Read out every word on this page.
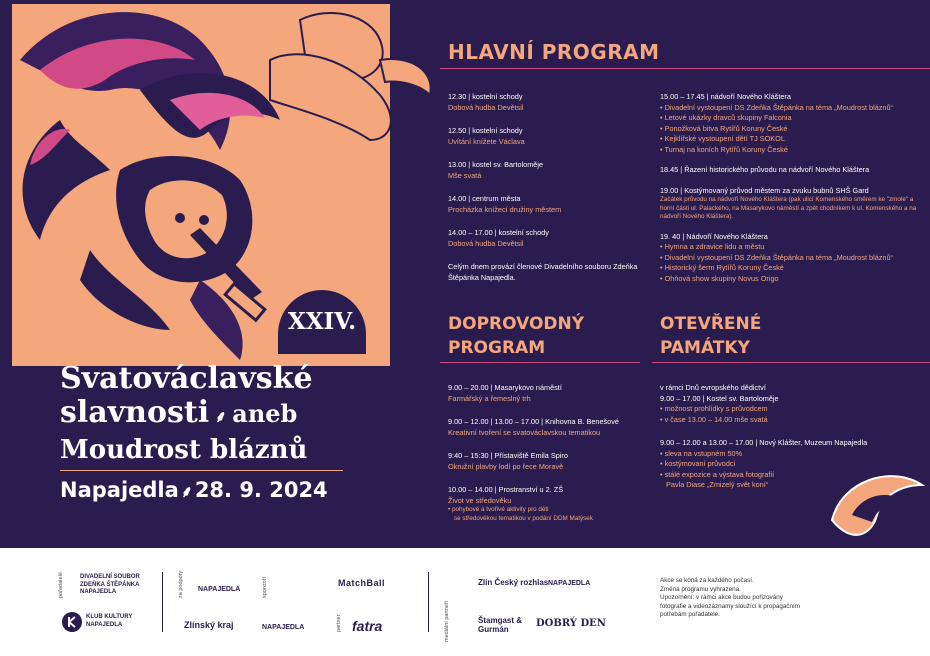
XXIV.
Svatováclavské
slavnosti ⸙ aneb
Moudrost bláznů
Napajedla ⸙28. 9. 2024
HLAVNÍ PROGRAM
12.30 | kostelní schody
Dobová hudba Devětsil
12.50 | kostelní schody
Uvítání knížete Václava
13.00 | kostel sv. Bartoloměje
Mše svatá
14.00 | centrum města
Procházka knížecí družiny městem
14.00 – 17.00 | kostelní schody
Dobová hudba Devětsil
Celým dnem provází členové Divadelního souboru Zdeňka Štěpánka Napajedla.
15.00 – 17.45 | nádvoří Nového Kláštera
• Divadelní vystoupení DS Zdeňka Štěpánka na téma „Moudrost bláznů“
• Letové ukázky dravců skupiny Falconia
• Ponožková bitva Rytířů Koruny České
• Kejklířské vystoupení dětí TJ SOKOL
• Turnaj na koních Rytířů Koruny České
18.45 | Řazení historického průvodu na nádvoří Nového Kláštera
19.00 | Kostýmovaný průvod městem za zvuku bubnů SHŠ Gard
Začátek průvodu na nádvoří Nového Kláštera (pak ulicí Komenského směrem ke "zmole" a horní části ul. Palackého, na Masarykovo náměstí a zpět chodníkem k ul. Komenského a na nádvoří Nového Kláštera).
19. 40 | Nádvoří Nového Kláštera
• Hymna a zdravice lidu a městu
• Divadelní vystoupení DS Zdeňka Štěpánka na téma „Moudrost bláznů“
• Historický šerm Rytířů Koruny České
• Ohňová show skupiny Novus Origo
DOPROVODNÝ
PROGRAM
9.00 – 20.00 | Masarykovo náměstí
Farmářský a řemeslný trh
9.00 – 12.00 | 13.00 – 17.00 | Knihovna B. Benešové
Kreativní tvoření se svatováclavskou tematikou
9:40 – 15:30 | Přístaviště Emila Spiro
Okružní plavby lodí po řece Moravě
10.00 – 14.00 | Prostranství u 2. ZŠ
Život ve středověku
• pohybové a tvořivé aktivity pro děti
se středověkou tematikou v podání DDM Matýsek
OTEVŘENÉ
PAMÁTKY
v rámci Dnů evropského dědictví
9.00 – 17.00 | Kostel sv. Bartoloměje
• možnost prohlídky s průvodcem
• v čase 13.00 – 14.00 mše svatá
9.00 – 12.00 a 13.00 – 17.00 | Nový Klášter, Muzeum Napajedla
• sleva na vstupném 50%
• kostýmovaní průvodci
• stálé expozice a výstava fotografií
Pavla Diase „Zmizelý svět koní“
pořadatelé	DIVADELNÍ SOUBOR ZDEŇKA ŠTĚPÁNKA NAPAJEDLA
KLUB KULTURY NAPAJEDLA
za podpory NAPAJEDLA
Zlínský kraj
sponzoři	MatchBall
NAPAJEDLA	partner fatra	mediální partneři
Zlín Český rozhlas NAPAJEDLA
Štamgast & Gurmán
DOBRÝ DEN
Akce se koná za každého počasí.
Změna programu vyhrazena.
Upozornění: v rámci akce budou pořizovány fotografie a videozáznamy sloužící k propagačním potřebám pořadatele.
